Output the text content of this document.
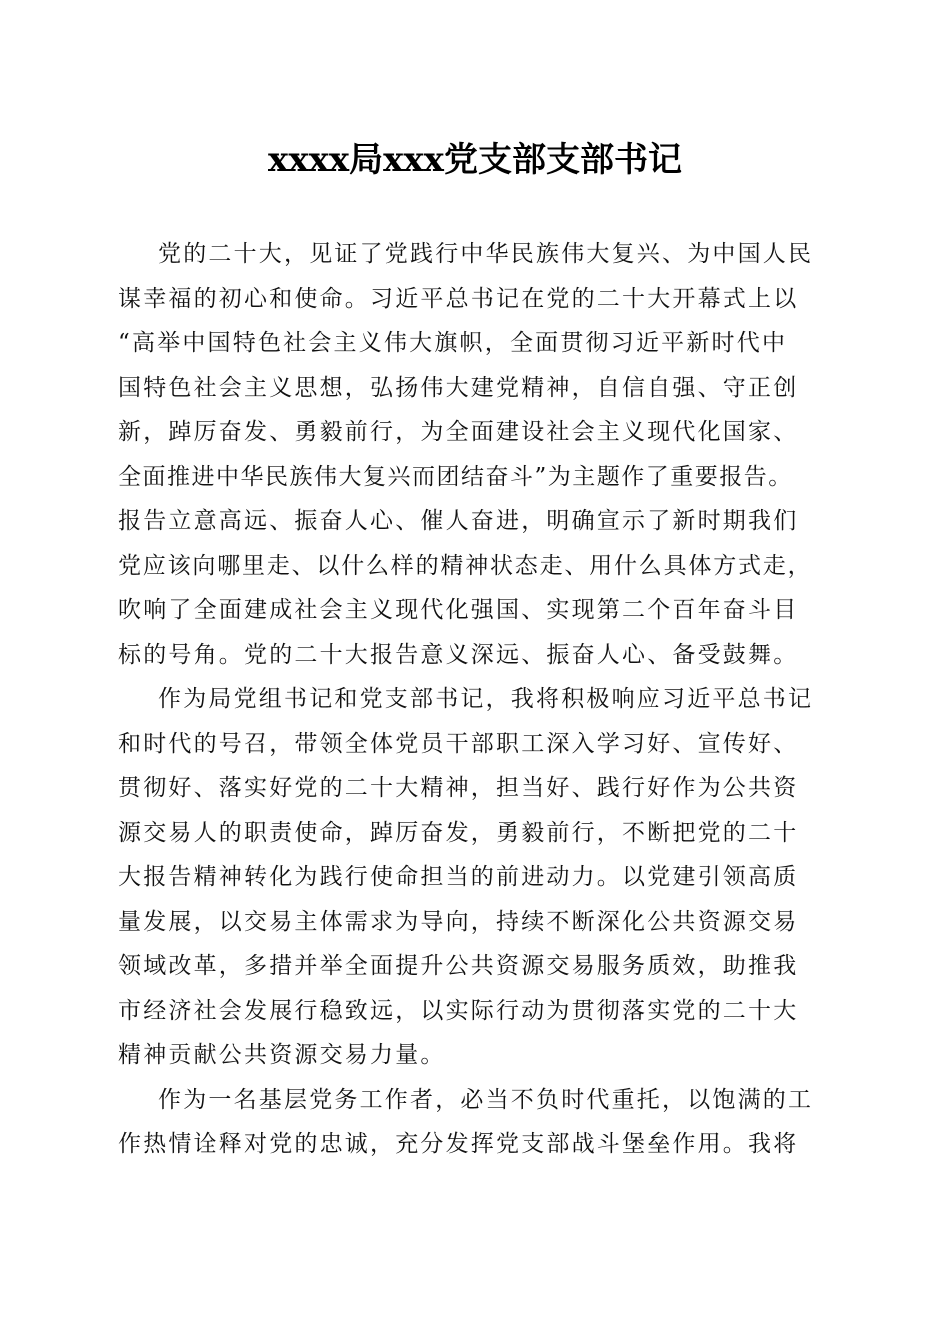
xxxx局xxx党支部支部书记
党的二十大，见证了党践行中华民族伟大复兴、为中国人民
谋幸福的初心和使命。习近平总书记在党的二十大开幕式上以
“高举中国特色社会主义伟大旗帜，全面贯彻习近平新时代中
国特色社会主义思想，弘扬伟大建党精神，自信自强、守正创
新，踔厉奋发、勇毅前行，为全面建设社会主义现代化国家、
全面推进中华民族伟大复兴而团结奋斗”为主题作了重要报告。
报告立意高远、振奋人心、催人奋进，明确宣示了新时期我们
党应该向哪里走、以什么样的精神状态走、用什么具体方式走，
吹响了全面建成社会主义现代化强国、实现第二个百年奋斗目
标的号角。党的二十大报告意义深远、振奋人心、备受鼓舞。
作为局党组书记和党支部书记，我将积极响应习近平总书记
和时代的号召，带领全体党员干部职工深入学习好、宣传好、
贯彻好、落实好党的二十大精神，担当好、践行好作为公共资
源交易人的职责使命，踔厉奋发，勇毅前行，不断把党的二十
大报告精神转化为践行使命担当的前进动力。以党建引领高质
量发展，以交易主体需求为导向，持续不断深化公共资源交易
领域改革，多措并举全面提升公共资源交易服务质效，助推我
市经济社会发展行稳致远，以实际行动为贯彻落实党的二十大
精神贡献公共资源交易力量。
作为一名基层党务工作者，必当不负时代重托，以饱满的工
作热情诠释对党的忠诚，充分发挥党支部战斗堡垒作用。我将
